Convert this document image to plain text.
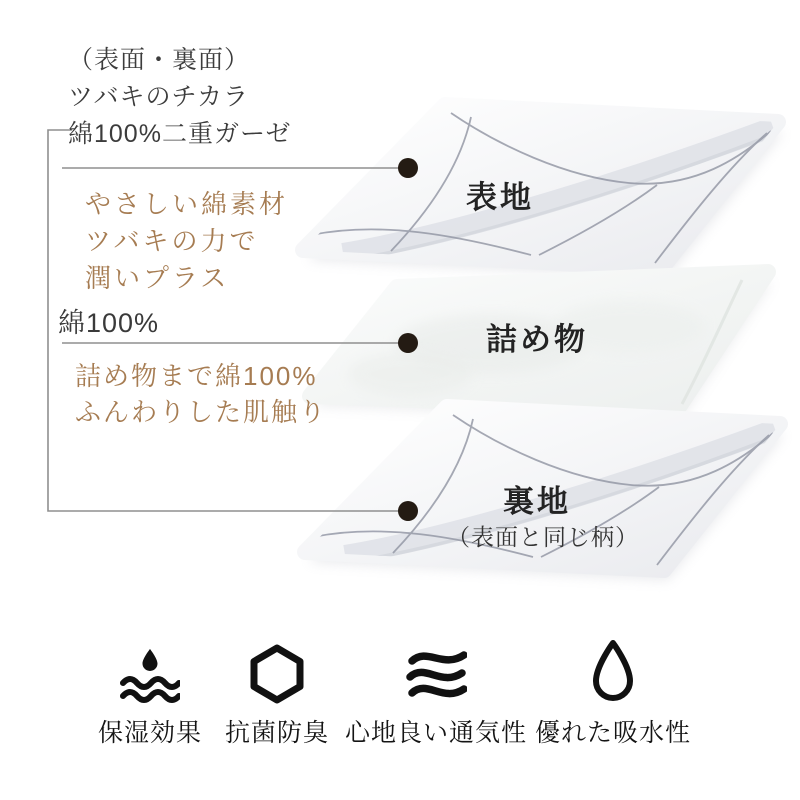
（表面・裏面）
ツバキのチカラ
綿100%二重ガーゼ
やさしい綿素材
ツバキの力で
潤いプラス
綿100%
詰め物まで綿100%
ふんわりした肌触り
表地
詰め物
裏地
（表面と同じ柄）
保湿効果 抗菌防臭 心地良い通気性 優れた吸水性
